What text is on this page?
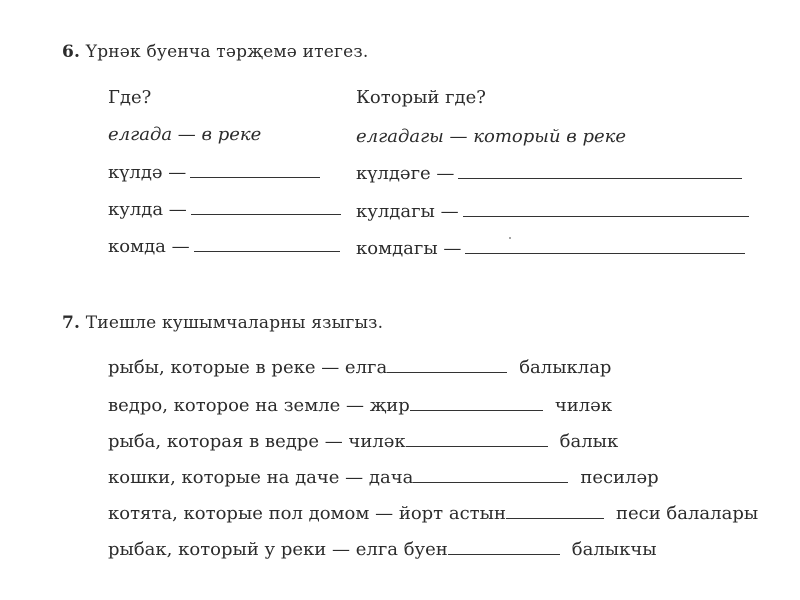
6. Үрнәк буенча тәрҗемә итегез.
Где?	Который где?
елгада — в реке	елгадагы — который в реке
күлдә —	күлдәге —
кулда —	кулдагы —
комда —	комдагы —
7. Тиешле кушымчаларны языгыз.
рыбы, которые в реке — елга	балыклар
ведро, которое на земле — җир	чиләк
рыба, которая в ведре — чиләк	балык
кошки, которые на даче — дача	песиләр
котята, которые пол домом — йорт астын	песи балалары
рыбак, который у реки — елга буен	балыкчы
